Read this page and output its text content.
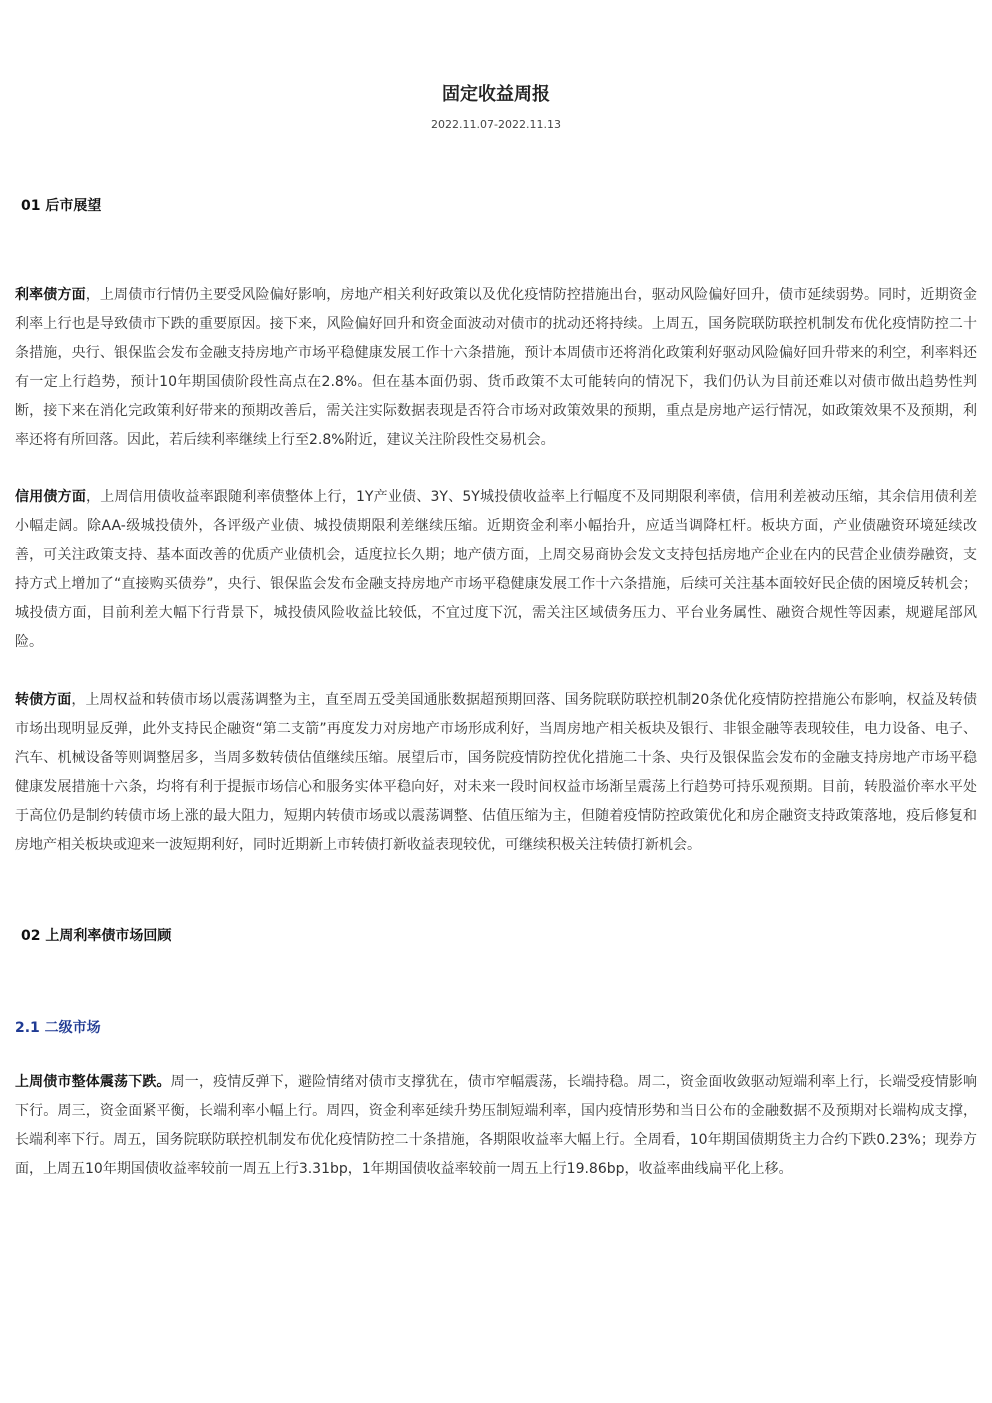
固定收益周报
2022.11.07-2022.11.13
01 后市展望

利率债方面，上周债市行情仍主要受风险偏好影响，房地产相关利好政策以及优化疫情防控措施出台，驱动风险偏好回升，债市延续弱势。同时，近期资金利率上行也是导致债市下跌的重要原因。接下来，风险偏好回升和资金面波动对债市的扰动还将持续。上周五，国务院联防联控机制发布优化疫情防控二十条措施，央行、银保监会发布金融支持房地产市场平稳健康发展工作十六条措施，预计本周债市还将消化政策利好驱动风险偏好回升带来的利空，利率料还有一定上行趋势，预计10年期国债阶段性高点在2.8%。但在基本面仍弱、货币政策不太可能转向的情况下，我们仍认为目前还难以对债市做出趋势性判断，接下来在消化完政策利好带来的预期改善后，需关注实际数据表现是否符合市场对政策效果的预期，重点是房地产运行情况，如政策效果不及预期，利率还将有所回落。因此，若后续利率继续上行至2.8%附近，建议关注阶段性交易机会。

信用债方面，上周信用债收益率跟随利率债整体上行，1Y产业债、3Y、5Y城投债收益率上行幅度不及同期限利率债，信用利差被动压缩，其余信用债利差小幅走阔。除AA-级城投债外，各评级产业债、城投债期限利差继续压缩。近期资金利率小幅抬升，应适当调降杠杆。板块方面，产业债融资环境延续改善，可关注政策支持、基本面改善的优质产业债机会，适度拉长久期；地产债方面，上周交易商协会发文支持包括房地产企业在内的民营企业债券融资，支持方式上增加了“直接购买债券”，央行、银保监会发布金融支持房地产市场平稳健康发展工作十六条措施，后续可关注基本面较好民企债的困境反转机会；城投债方面，目前利差大幅下行背景下，城投债风险收益比较低，不宜过度下沉，需关注区域债务压力、平台业务属性、融资合规性等因素，规避尾部风险。

转债方面，上周权益和转债市场以震荡调整为主，直至周五受美国通胀数据超预期回落、国务院联防联控机制20条优化疫情防控措施公布影响，权益及转债市场出现明显反弹，此外支持民企融资“第二支箭”再度发力对房地产市场形成利好，当周房地产相关板块及银行、非银金融等表现较佳，电力设备、电子、汽车、机械设备等则调整居多，当周多数转债估值继续压缩。展望后市，国务院疫情防控优化措施二十条、央行及银保监会发布的金融支持房地产市场平稳健康发展措施十六条，均将有利于提振市场信心和服务实体平稳向好，对未来一段时间权益市场渐呈震荡上行趋势可持乐观预期。目前，转股溢价率水平处于高位仍是制约转债市场上涨的最大阻力，短期内转债市场或以震荡调整、估值压缩为主，但随着疫情防控政策优化和房企融资支持政策落地，疫后修复和房地产相关板块或迎来一波短期利好，同时近期新上市转债打新收益表现较优，可继续积极关注转债打新机会。

02 上周利率债市场回顾
2.1 二级市场

上周债市整体震荡下跌。周一，疫情反弹下，避险情绪对债市支撑犹在，债市窄幅震荡，长端持稳。周二，资金面收敛驱动短端利率上行，长端受疫情影响下行。周三，资金面紧平衡，长端利率小幅上行。周四，资金利率延续升势压制短端利率，国内疫情形势和当日公布的金融数据不及预期对长端构成支撑，长端利率下行。周五，国务院联防联控机制发布优化疫情防控二十条措施，各期限收益率大幅上行。全周看，10年期国债期货主力合约下跌0.23%；现券方面，上周五10年期国债收益率较前一周五上行3.31bp，1年期国债收益率较前一周五上行19.86bp，收益率曲线扁平化上移。
